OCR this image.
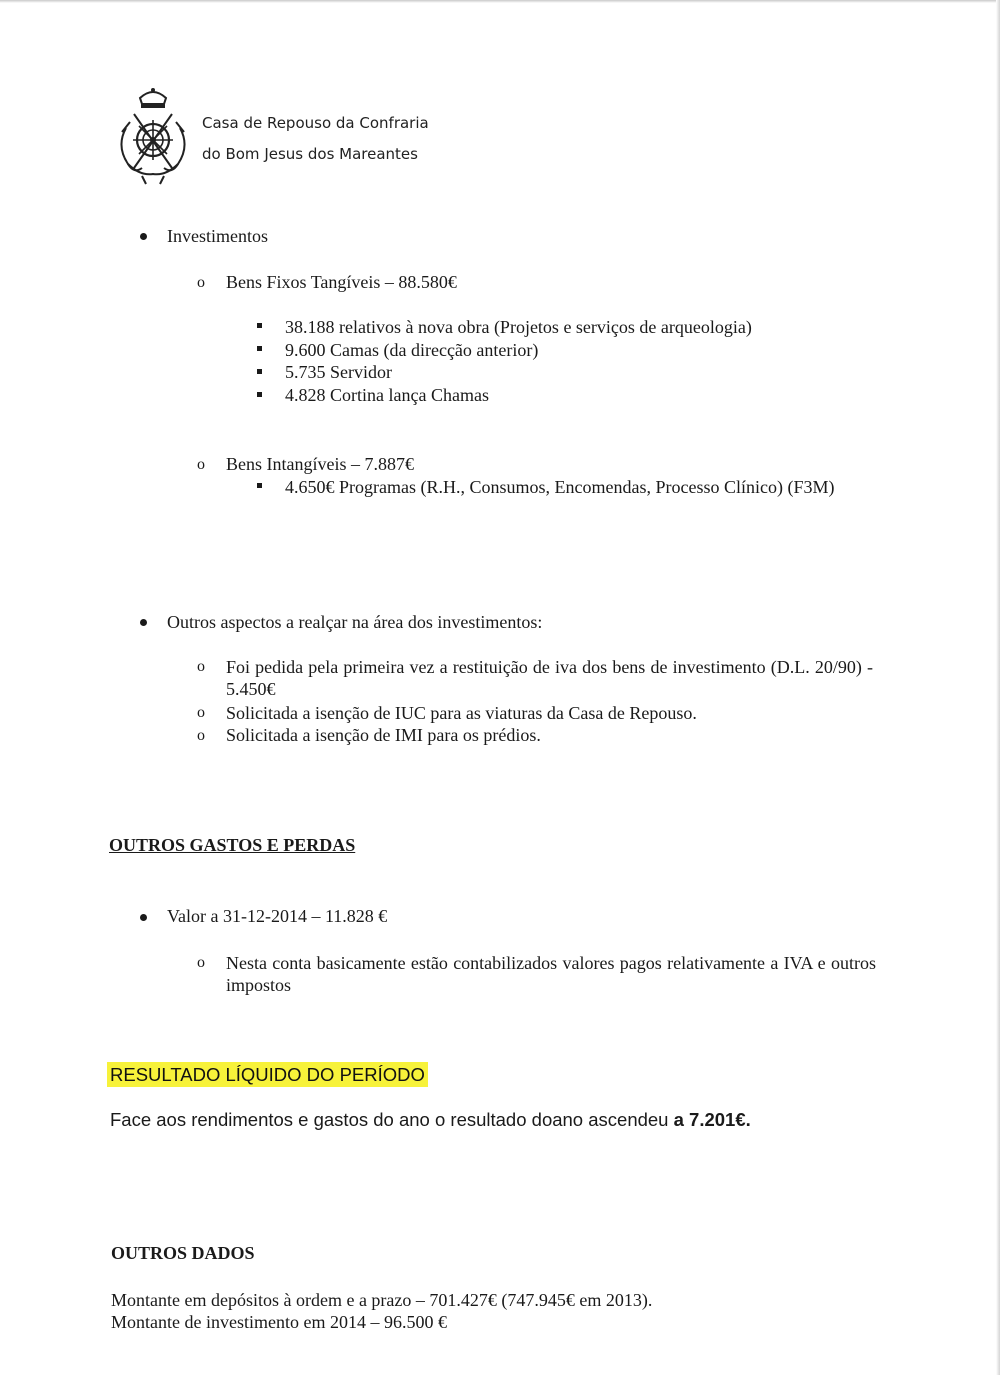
Casa de Repouso da Confraria
do Bom Jesus dos Mareantes
Investimentos
o Bens Fixos Tangíveis – 88.580€
38.188 relativos à nova obra (Projetos e serviços de arqueologia)
9.600 Camas (da direcção anterior)
5.735 Servidor
4.828 Cortina lança Chamas
o Bens Intangíveis – 7.887€
4.650€ Programas (R.H., Consumos, Encomendas, Processo Clínico) (F3M)
Outros aspectos a realçar na área dos investimentos:
o Foi pedida pela primeira vez a restituição de iva dos bens de investimento (D.L. 20/90) - 5.450€
o Solicitada a isenção de IUC para as viaturas da Casa de Repouso.
o Solicitada a isenção de IMI para os prédios.
OUTROS GASTOS E PERDAS
Valor a 31-12-2014 – 11.828 €
o Nesta conta basicamente estão contabilizados valores pagos relativamente a IVA e outros impostos
RESULTADO LÍQUIDO DO PERÍODO
Face aos rendimentos e gastos do ano o resultado doano ascendeu a 7.201€.
OUTROS DADOS
Montante em depósitos à ordem e a prazo – 701.427€ (747.945€ em 2013).
Montante de investimento em 2014 – 96.500 €
